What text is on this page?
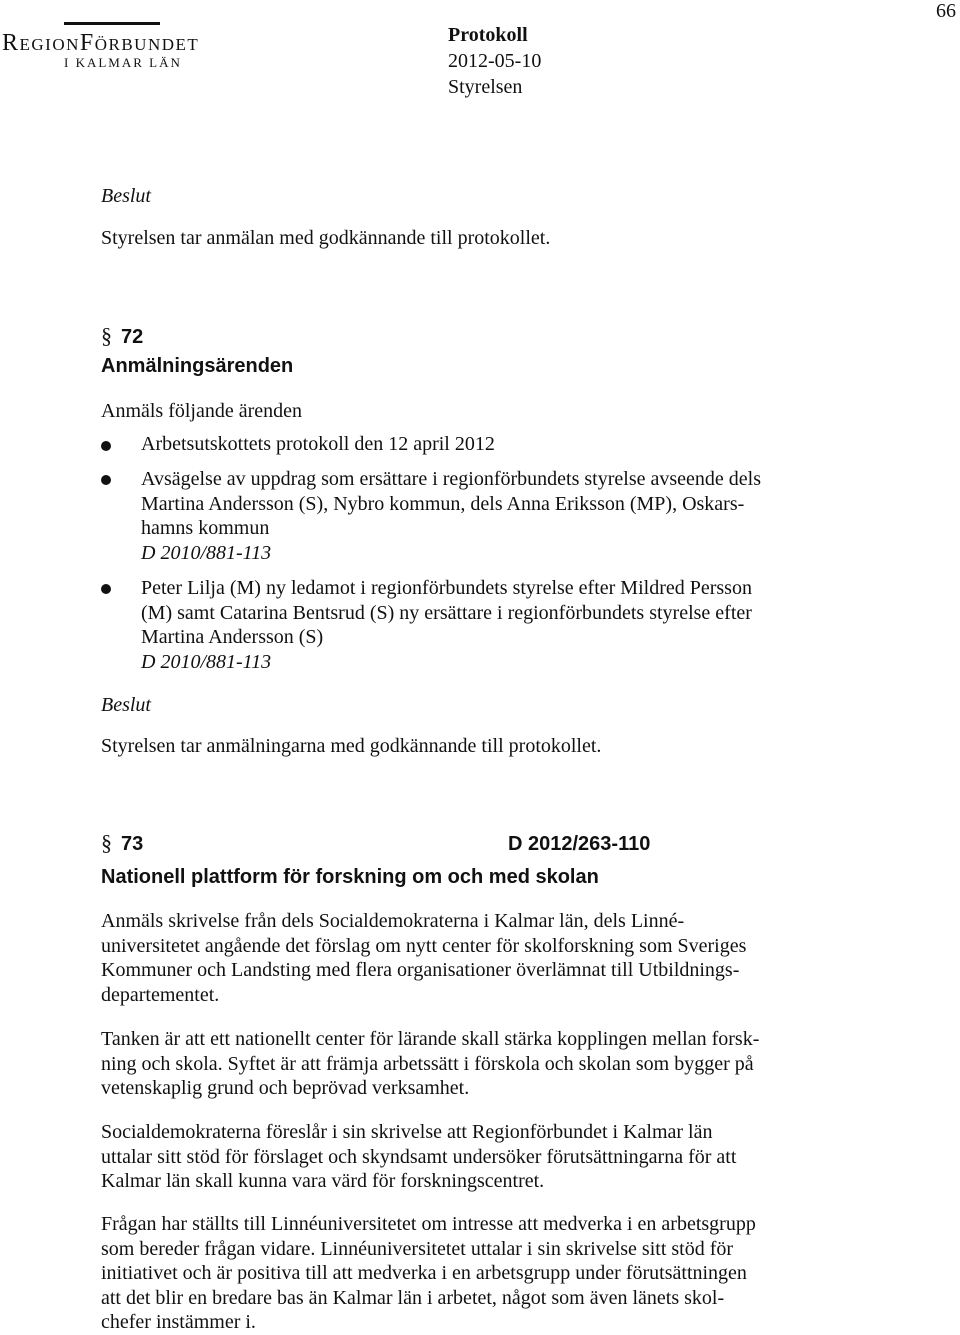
RegionFörbundet
I KALMAR LÄN
66
Protokoll
2012-05-10
Styrelsen
Beslut
Styrelsen tar anmälan med godkännande till protokollet.
§ 72
Anmälningsärenden
Anmäls följande ärenden
Arbetsutskottets protokoll den 12 april 2012
Avsägelse av uppdrag som ersättare i regionförbundets styrelse avseende dels
Martina Andersson (S), Nybro kommun, dels Anna Eriksson (MP), Oskars-
hamns kommun
D 2010/881-113
Peter Lilja (M) ny ledamot i regionförbundets styrelse efter Mildred Persson
(M) samt Catarina Bentsrud (S) ny ersättare i regionförbundets styrelse efter
Martina Andersson (S)
D 2010/881-113
Beslut
Styrelsen tar anmälningarna med godkännande till protokollet.
§ 73	D 2012/263-110
Nationell plattform för forskning om och med skolan
Anmäls skrivelse från dels Socialdemokraterna i Kalmar län, dels Linné-
universitetet angående det förslag om nytt center för skolforskning som Sveriges
Kommuner och Landsting med flera organisationer överlämnat till Utbildnings-
departementet.
Tanken är att ett nationellt center för lärande skall stärka kopplingen mellan forsk-
ning och skola. Syftet är att främja arbetssätt i förskola och skolan som bygger på
vetenskaplig grund och beprövad verksamhet.
Socialdemokraterna föreslår i sin skrivelse att Regionförbundet i Kalmar län
uttalar sitt stöd för förslaget och skyndsamt undersöker förutsättningarna för att
Kalmar län skall kunna vara värd för forskningscentret.
Frågan har ställts till Linnéuniversitetet om intresse att medverka i en arbetsgrupp
som bereder frågan vidare. Linnéuniversitetet uttalar i sin skrivelse sitt stöd för
initiativet och är positiva till att medverka i en arbetsgrupp under förutsättningen
att det blir en bredare bas än Kalmar län i arbetet, något som även länets skol-
chefer instämmer i.
